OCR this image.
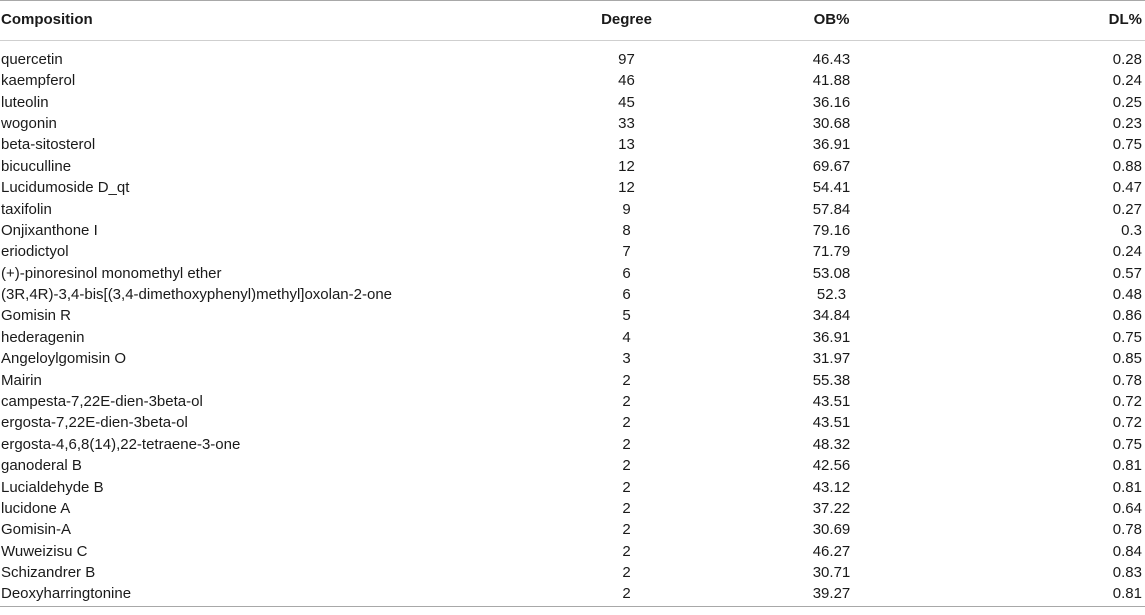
Composition	Degree	OB%	DL%
quercetin	97	46.43	0.28
kaempferol	46	41.88	0.24
luteolin	45	36.16	0.25
wogonin	33	30.68	0.23
beta-sitosterol	13	36.91	0.75
bicuculline	12	69.67	0.88
Lucidumoside D_qt	12	54.41	0.47
taxifolin	9	57.84	0.27
Onjixanthone I	8	79.16	0.3
eriodictyol	7	71.79	0.24
(+)-pinoresinol monomethyl ether	6	53.08	0.57
(3R,4R)-3,4-bis[(3,4-dimethoxyphenyl)methyl]oxolan-2-one	6	52.3	0.48
Gomisin R	5	34.84	0.86
hederagenin	4	36.91	0.75
Angeloylgomisin O	3	31.97	0.85
Mairin	2	55.38	0.78
campesta-7,22E-dien-3beta-ol	2	43.51	0.72
ergosta-7,22E-dien-3beta-ol	2	43.51	0.72
ergosta-4,6,8(14),22-tetraene-3-one	2	48.32	0.75
ganoderal B	2	42.56	0.81
Lucialdehyde B	2	43.12	0.81
lucidone A	2	37.22	0.64
Gomisin-A	2	30.69	0.78
Wuweizisu C	2	46.27	0.84
Schizandrer B	2	30.71	0.83
Deoxyharringtonine	2	39.27	0.81
